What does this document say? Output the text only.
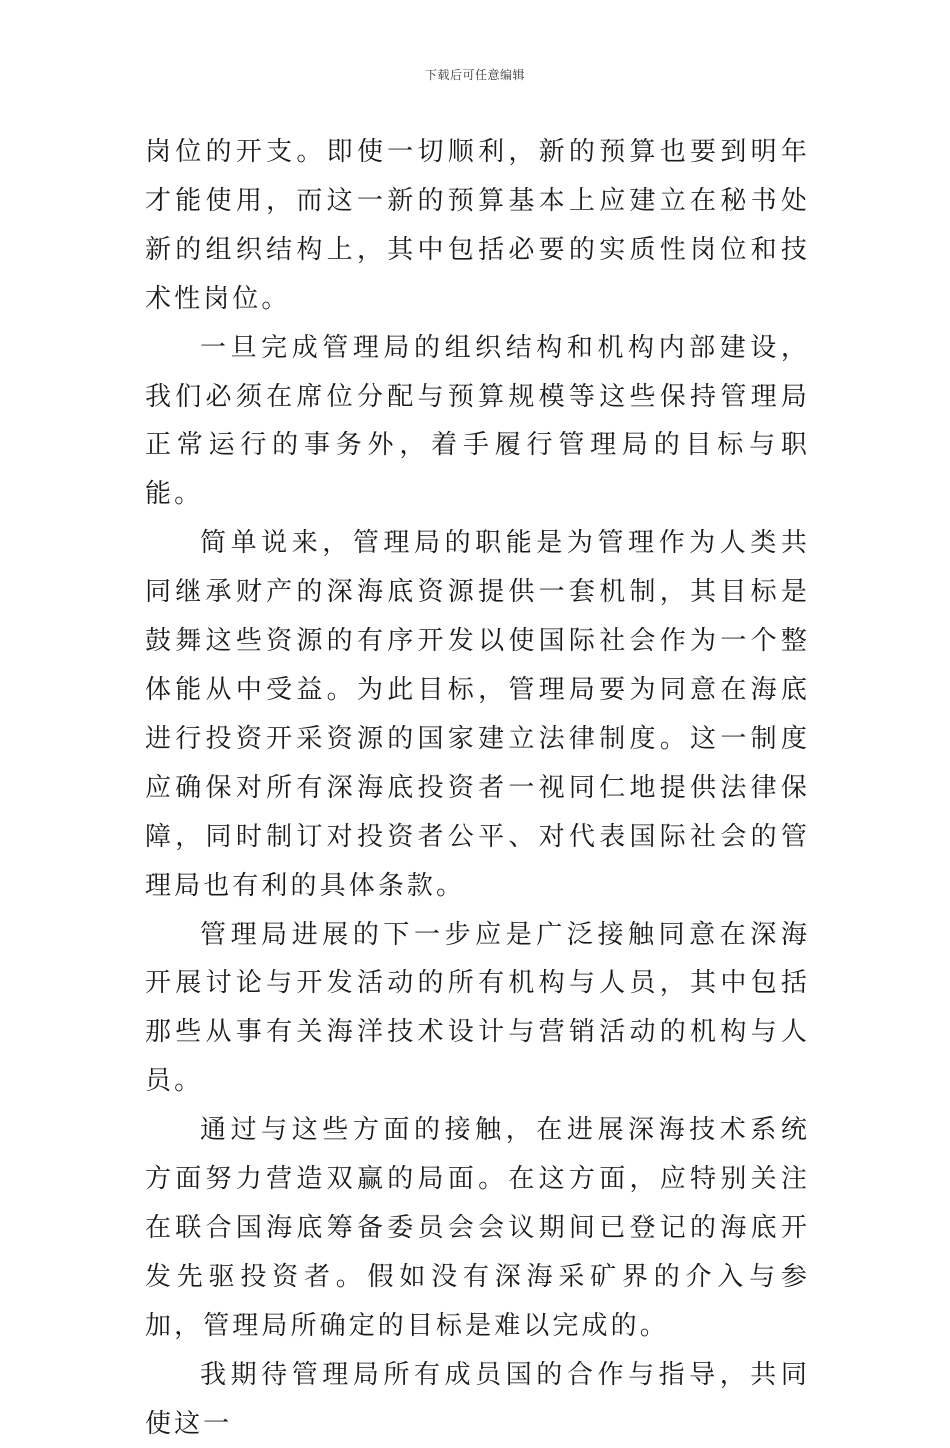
下载后可任意编辑

岗位的开支。即使一切顺利，新的预算也要到明年才能使用，而这一新的预算基本上应建立在秘书处新的组织结构上，其中包括必要的实质性岗位和技术性岗位。

一旦完成管理局的组织结构和机构内部建设，我们必须在席位分配与预算规模等这些保持管理局正常运行的事务外，着手履行管理局的目标与职能。

简单说来，管理局的职能是为管理作为人类共同继承财产的深海底资源提供一套机制，其目标是鼓舞这些资源的有序开发以使国际社会作为一个整体能从中受益。为此目标，管理局要为同意在海底进行投资开采资源的国家建立法律制度。这一制度应确保对所有深海底投资者一视同仁地提供法律保障，同时制订对投资者公平、对代表国际社会的管理局也有利的具体条款。

管理局进展的下一步应是广泛接触同意在深海开展讨论与开发活动的所有机构与人员，其中包括那些从事有关海洋技术设计与营销活动的机构与人员。

通过与这些方面的接触，在进展深海技术系统方面努力营造双赢的局面。在这方面，应特别关注在联合国海底筹备委员会会议期间已登记的海底开发先驱投资者。假如没有深海采矿界的介入与参加，管理局所确定的目标是难以完成的。

我期待管理局所有成员国的合作与指导，共同使这一
